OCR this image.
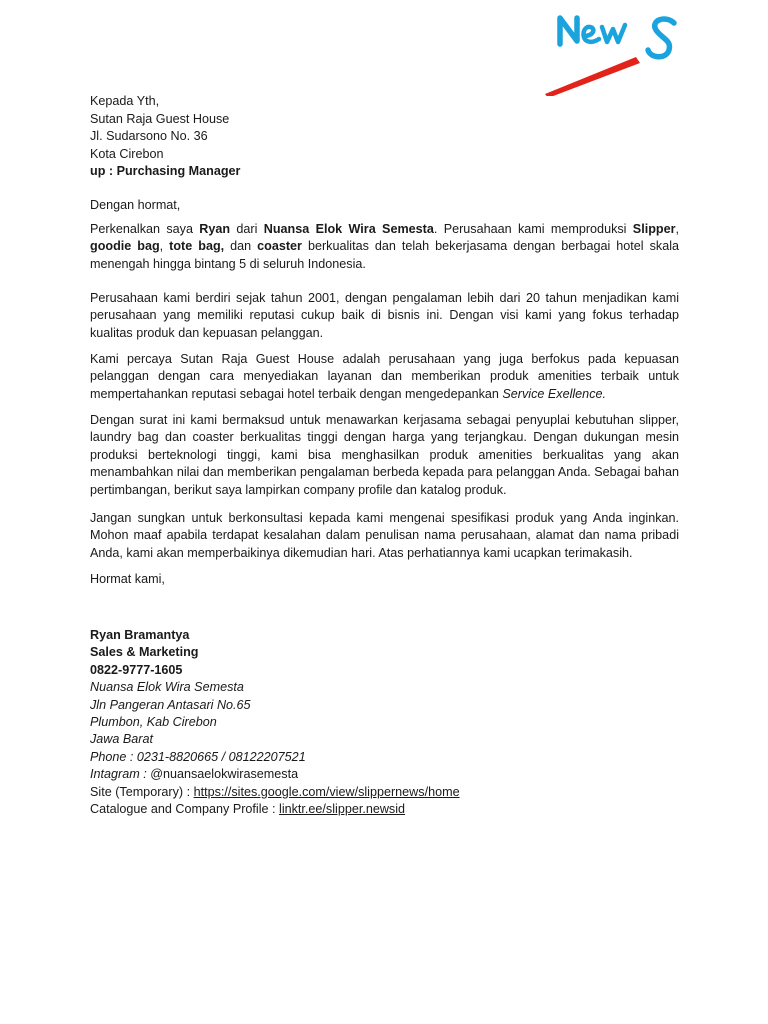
Kepada Yth,
Sutan Raja Guest House
Jl. Sudarsono No. 36
Kota Cirebon
up : Purchasing Manager
Dengan hormat,

Perkenalkan saya Ryan dari Nuansa Elok Wira Semesta. Perusahaan kami memproduksi Slipper, goodie bag, tote bag, dan coaster berkualitas dan telah bekerjasama dengan berbagai hotel skala menengah hingga bintang 5 di seluruh Indonesia.

Perusahaan kami berdiri sejak tahun 2001, dengan pengalaman lebih dari 20 tahun menjadikan kami perusahaan yang memiliki reputasi cukup baik di bisnis ini. Dengan visi kami yang fokus terhadap kualitas produk dan kepuasan pelanggan.

Kami percaya Sutan Raja Guest House adalah perusahaan yang juga berfokus pada kepuasan pelanggan dengan cara menyediakan layanan dan memberikan produk amenities terbaik untuk mempertahankan reputasi sebagai hotel terbaik dengan mengedepankan Service Exellence.

Dengan surat ini kami bermaksud untuk menawarkan kerjasama sebagai penyuplai kebutuhan slipper, laundry bag dan coaster berkualitas tinggi dengan harga yang terjangkau. Dengan dukungan mesin produksi berteknologi tinggi, kami bisa menghasilkan produk amenities berkualitas yang akan menambahkan nilai dan memberikan pengalaman berbeda kepada para pelanggan Anda. Sebagai bahan pertimbangan, berikut saya lampirkan company profile dan katalog produk.

Jangan sungkan untuk berkonsultasi kepada kami mengenai spesifikasi produk yang Anda inginkan. Mohon maaf apabila terdapat kesalahan dalam penulisan nama perusahaan, alamat dan nama pribadi Anda, kami akan memperbaikinya dikemudian hari. Atas perhatiannya kami ucapkan terimakasih.

Hormat kami,
Ryan Bramantya
Sales & Marketing
0822-9777-1605
Nuansa Elok Wira Semesta
Jln Pangeran Antasari No.65
Plumbon, Kab Cirebon
Jawa Barat
Phone : 0231-8820665 / 08122207521
Intagram : @nuansaelokwirasemesta
Site (Temporary) : https://sites.google.com/view/slippernews/home
Catalogue and Company Profile : linktr.ee/slipper.newsid
